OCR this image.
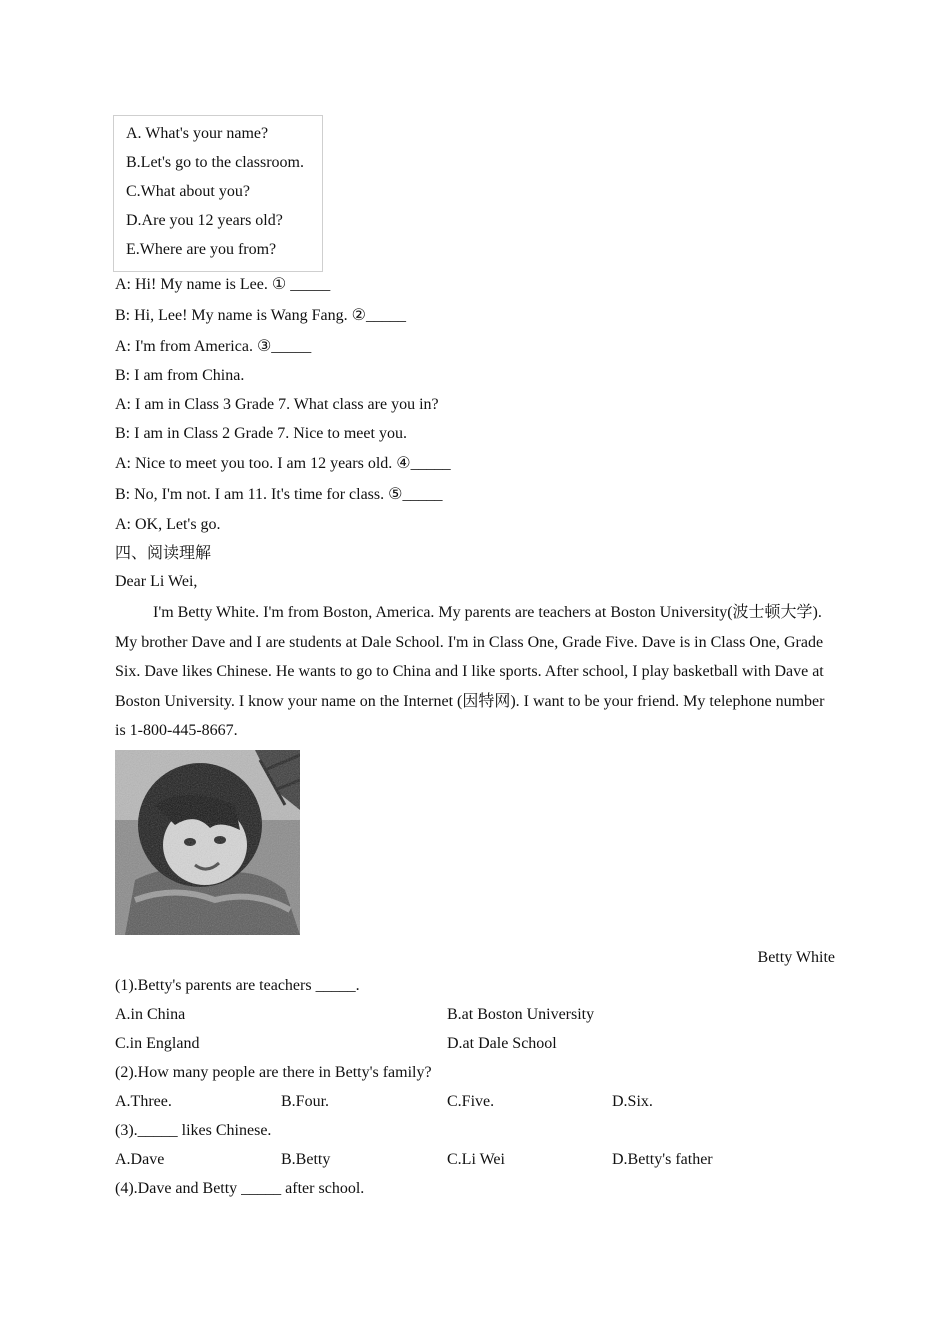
A. What's your name?
B.Let's go to the classroom.
C.What about you?
D.Are you 12 years old?
E.Where are you from?
A: Hi! My name is Lee. ① _____
B: Hi, Lee! My name is Wang Fang. ②_____
A: I'm from America. ③_____
B: I am from China.
A: I am in Class 3 Grade 7. What class are you in?
B: I am in Class 2 Grade 7. Nice to meet you.
A: Nice to meet you too. I am 12 years old. ④_____
B: No, I'm not. I am 11. It's time for class. ⑤_____
A: OK, Let's go.
四、阅读理解
Dear Li Wei,
I'm Betty White. I'm from Boston, America. My parents are teachers at Boston University(波士顿大学). My brother Dave and I are students at Dale School. I'm in Class One, Grade Five. Dave is in Class One, Grade Six. Dave likes Chinese. He wants to go to China and I like sports. After school, I play basketball with Dave at Boston University. I know your name on the Internet (因特网). I want to be your friend. My telephone number is 1-800-445-8667.
Betty White
(1).Betty's parents are teachers _____.
A.in China	B.at Boston University
C.in England	D.at Dale School
(2).How many people are there in Betty's family?
A.Three.	B.Four.	C.Five.	D.Six.
(3)._____ likes Chinese.
A.Dave	B.Betty	C.Li Wei	D.Betty's father
(4).Dave and Betty _____ after school.
